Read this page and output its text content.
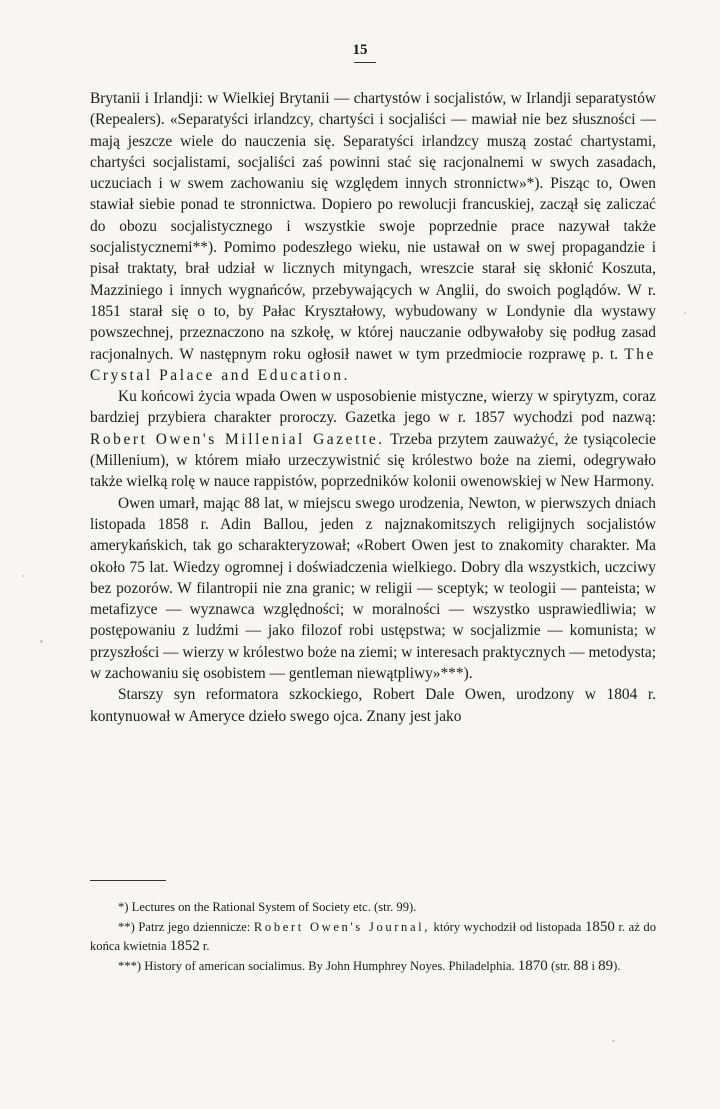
15

Brytanii i Irlandji: w Wielkiej Brytanii — chartystów i socjalistów, w Irlandji separatystów (Repealers). «Separatyści irlandzcy, chartyści i socjaliści — mawiał nie bez słuszności — mają jeszcze wiele do nauczenia się. Separatyści irlandzcy muszą zostać chartystami, chartyści socjalistami, socjaliści zaś powinni stać się racjonalnemi w swych zasadach, uczuciach i w swem zachowaniu się względem innych stronnictw»*). Pisząc to, Owen stawiał siebie ponad te stronnictwa. Dopiero po rewolucji francuskiej, zaczął się zaliczać do obozu socjalistycznego i wszystkie swoje poprzednie prace nazywał także socjalistycznemi**). Pomimo podeszłego wieku, nie ustawał on w swej propagandzie i pisał traktaty, brał udział w licznych mityngach, wreszcie starał się skłonić Koszuta, Mazziniego i innych wygnańców, przebywających w Anglii, do swoich poglądów. W r. 1851 starał się o to, by Pałac Kryształowy, wybudowany w Londynie dla wystawy powszechnej, przeznaczono na szkołę, w której nauczanie odbywałoby się podług zasad racjonalnych. W następnym roku ogłosił nawet w tym przedmiocie rozprawę p. t. The Crystal Palace and Education.

Ku końcowi życia wpada Owen w usposobienie mistyczne, wierzy w spirytyzm, coraz bardziej przybiera charakter proroczy. Gazetka jego w r. 1857 wychodzi pod nazwą: Robert Owen's Millenial Gazette. Trzeba przytem zauważyć, że tysiącolecie (Millenium), w którem miało urzeczywistnić się królestwo boże na ziemi, odegrywało także wielką rolę w nauce rappistów, poprzedników kolonii owenowskiej w New Harmony.

Owen umarł, mając 88 lat, w miejscu swego urodzenia, Newton, w pierwszych dniach listopada 1858 r. Adin Ballou, jeden z najznakomitszych religijnych socjalistów amerykańskich, tak go scharakteryzował; «Robert Owen jest to znakomity charakter. Ma około 75 lat. Wiedzy ogromnej i doświadczenia wielkiego. Dobry dla wszystkich, uczciwy bez pozorów. W filantropii nie zna granic; w religii — sceptyk; w teologii — panteista; w metafizyce — wyznawca względności; w moralności — wszystko usprawiedliwia; w postępowaniu z ludźmi — jako filozof robi ustępstwa; w socjalizmie — komunista; w przyszłości — wierzy w królestwo boże na ziemi; w interesach praktycznych — metodysta; w zachowaniu się osobistem — gentleman niewątpliwy»***).

Starszy syn reformatora szkockiego, Robert Dale Owen, urodzony w 1804 r. kontynuował w Ameryce dzieło swego ojca. Znany jest jako

*) Lectures on the Rational System of Society etc. (str. 99).

**) Patrz jego dziennicze: Robert Owen's Journal, który wychodził od listopada 1850 r. aż do końca kwietnia 1852 r.

***) History of american socialimus. By John Humphrey Noyes. Philadelphia. 1870 (str. 88 i 89).
